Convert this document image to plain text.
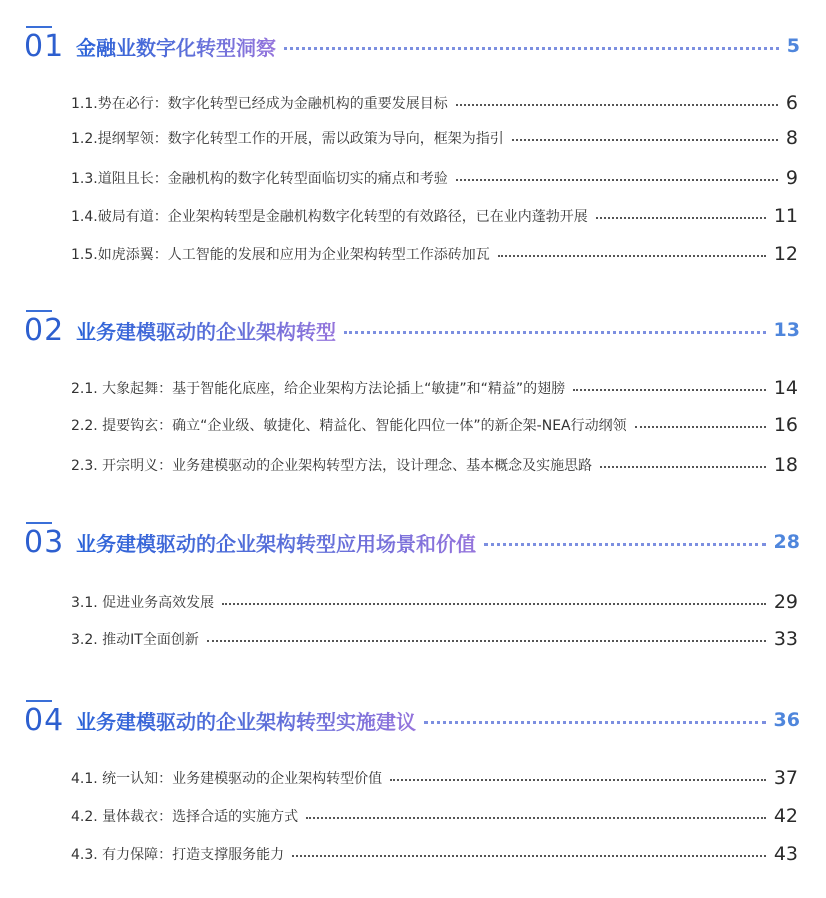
01 金融业数字化转型洞察	5
1.1.势在必行：数字化转型已经成为金融机构的重要发展目标	6
1.2.提纲挈领：数字化转型工作的开展，需以政策为导向，框架为指引	8
1.3.道阻且长：金融机构的数字化转型面临切实的痛点和考验	9
1.4.破局有道：企业架构转型是金融机构数字化转型的有效路径，已在业内蓬勃开展	11
1.5.如虎添翼：人工智能的发展和应用为企业架构转型工作添砖加瓦	12
02 业务建模驱动的企业架构转型	13
2.1. 大象起舞：基于智能化底座，给企业架构方法论插上“敏捷”和“精益”的翅膀	14
2.2. 提要钩玄：确立“企业级、敏捷化、精益化、智能化四位一体”的新企架-NEA行动纲领	16
2.3. 开宗明义：业务建模驱动的企业架构转型方法，设计理念、基本概念及实施思路	18
03 业务建模驱动的企业架构转型应用场景和价值	28
3.1. 促进业务高效发展	29
3.2. 推动IT全面创新	33
04 业务建模驱动的企业架构转型实施建议	36
4.1. 统一认知：业务建模驱动的企业架构转型价值	37
4.2. 量体裁衣：选择合适的实施方式	42
4.3. 有力保障：打造支撑服务能力	43
